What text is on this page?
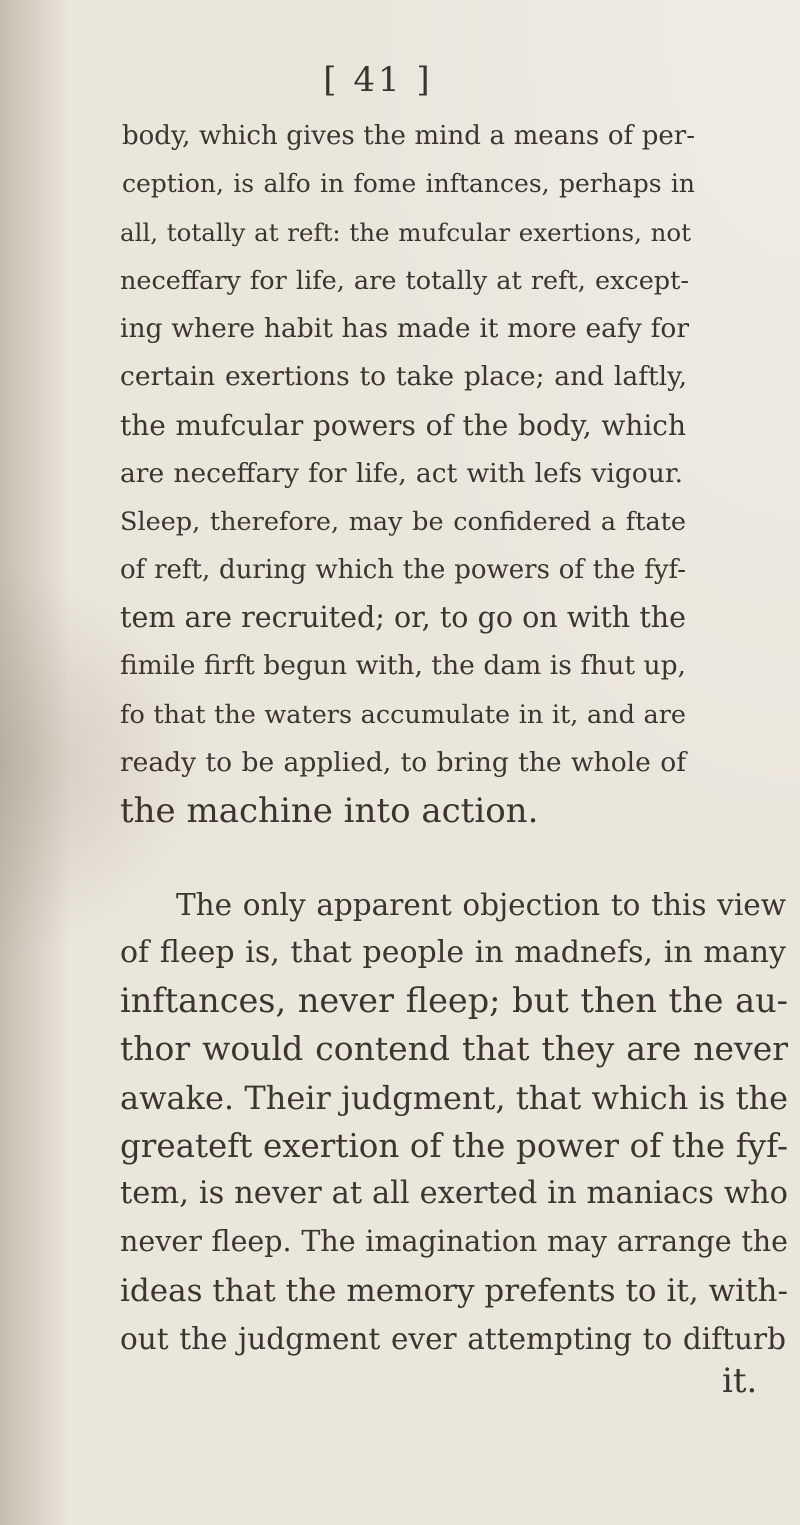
[ 41 ]
body, which gives the mind a means of per-
ception, is alfo in fome inftances, perhaps in
all, totally at reft: the mufcular exertions, not
neceffary for life, are totally at reft, except-
ing where habit has made it more eafy for
certain exertions to take place; and laftly,
the mufcular powers of the body, which
are neceffary for life, act with lefs vigour.
Sleep, therefore, may be confidered a ftate
of reft, during which the powers of the fyf-
tem are recruited; or, to go on with the
fimile firft begun with, the dam is fhut up,
fo that the waters accumulate in it, and are
ready to be applied, to bring the whole of
the machine into action.
The only apparent objection to this view
of fleep is, that people in madnefs, in many
inftances, never fleep; but then the au-
thor would contend that they are never
awake. Their judgment, that which is the
greateft exertion of the power of the fyf-
tem, is never at all exerted in maniacs who
never fleep. The imagination may arrange the
ideas that the memory prefents to it, with-
out the judgment ever attempting to difturb
it.
